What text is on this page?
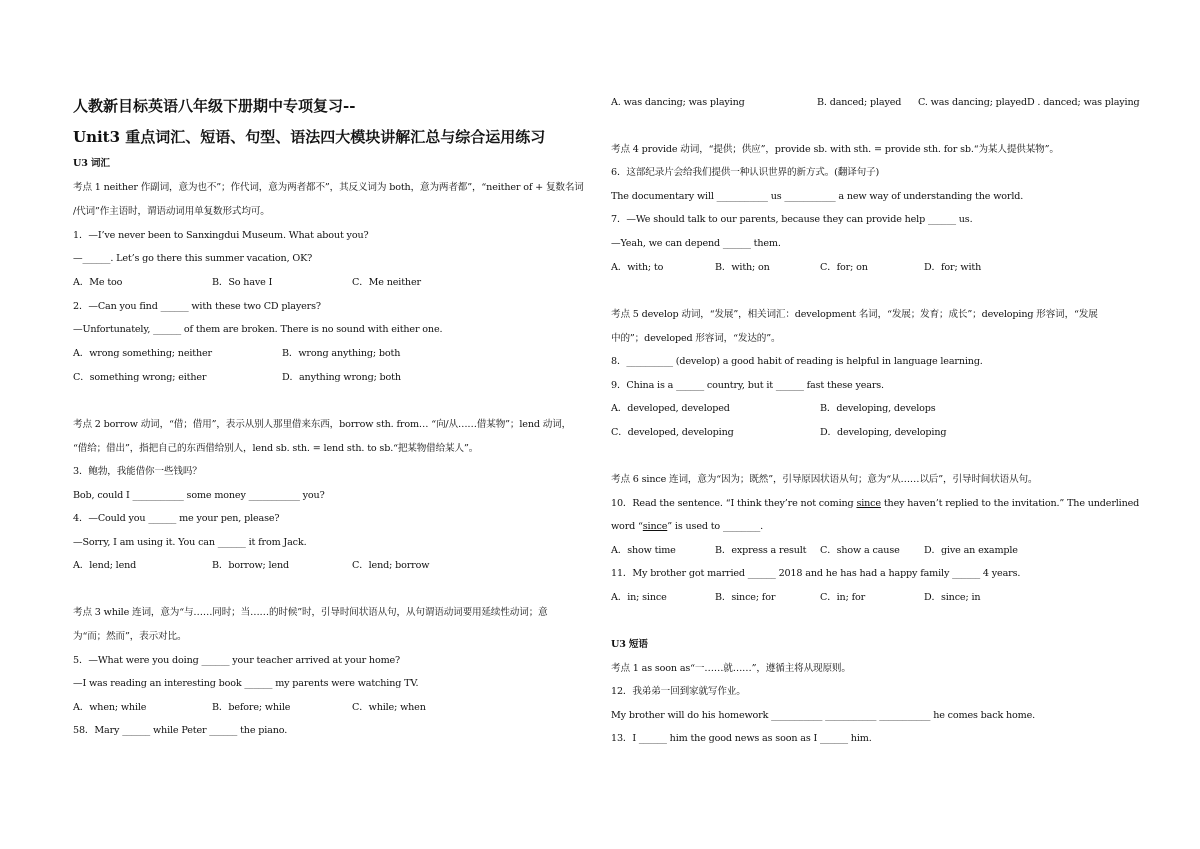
人教新目标英语八年级下册期中专项复习--
Unit3 重点词汇、短语、句型、语法四大模块讲解汇总与综合运用练习
U3 词汇
考点 1 neither 作副词，意为也不”；作代词，意为两者都不”，其反义词为 both，意为两者都”，“neither of + 复数名词
/代词”作主语时，谓语动词用单复数形式均可。
1．—I’ve never been to Sanxingdui Museum. What about you?
—______. Let’s go there this summer vacation, OK?
A．Me too	B．So have I	C．Me neither
2．—Can you find ______ with these two CD players?
—Unfortunately, ______ of them are broken. There is no sound with either one.
A．wrong something; neither	B．wrong anything; both
C．something wrong; either	D．anything wrong; both
考点 2 borrow 动词，“借；借用”，表示从别人那里借来东西，borrow sth. from… “向/从……借某物”；lend 动词，
“借给；借出”，指把自己的东西借给别人，lend sb. sth. = lend sth. to sb.“把某物借给某人”。
3．鲍勃，我能借你一些钱吗？
Bob, could I ___________ some money ___________ you?
4．—Could you ______ me your pen, please?
—Sorry, I am using it. You can ______ it from Jack.
A．lend; lend	B．borrow; lend	C．lend; borrow
考点 3 while 连词，意为“与……同时；当……的时候”时，引导时间状语从句，从句谓语动词要用延续性动词；意
为“而；然而”，表示对比。
5．—What were you doing ______ your teacher arrived at your home?
—I was reading an interesting book ______ my parents were watching TV.
A．when; while	B．before; while	C．while; when
58．Mary ______ while Peter ______ the piano.
A. was dancing; was playing	B. danced; played C. was dancing; playedD . danced; was playing
考点 4 provide 动词，“提供；供应”，provide sb. with sth. = provide sth. for sb.“为某人提供某物”。
6．这部纪录片会给我们提供一种认识世界的新方式。(翻译句子)
The documentary will ___________ us ___________ a new way of understanding the world.
7．—We should talk to our parents, because they can provide help ______ us.
—Yeah, we can depend ______ them.
A．with; to	B．with; on	C．for; on	D．for; with
考点 5 develop 动词，“发展”，相关词汇：development 名词，“发展；发育；成长”；developing 形容词，“发展
中的”；developed 形容词，“发达的”。
8．__________ (develop) a good habit of reading is helpful in language learning.
9．China is a ______ country, but it ______ fast these years.
A．developed, developed	B．developing, develops
C．developed, developing	D．developing, developing
考点 6 since 连词，意为“因为；既然”，引导原因状语从句；意为“从……以后”，引导时间状语从句。
10．Read the sentence. “I think they’re not coming since they haven’t replied to the invitation.” The underlined
word “since” is used to ________.
A．show time	B．express a result C．show a cause	D．give an example
11．My brother got married ______ 2018 and he has had a happy family ______ 4 years.
A．in; since	B．since; for	C．in; for	D．since; in
U3 短语
考点 1 as soon as“一……就……”，遵循主将从现原则。
12．我弟弟一回到家就写作业。
My brother will do his homework ___________ ___________ ___________ he comes back home.
13．I ______ him the good news as soon as I ______ him.
